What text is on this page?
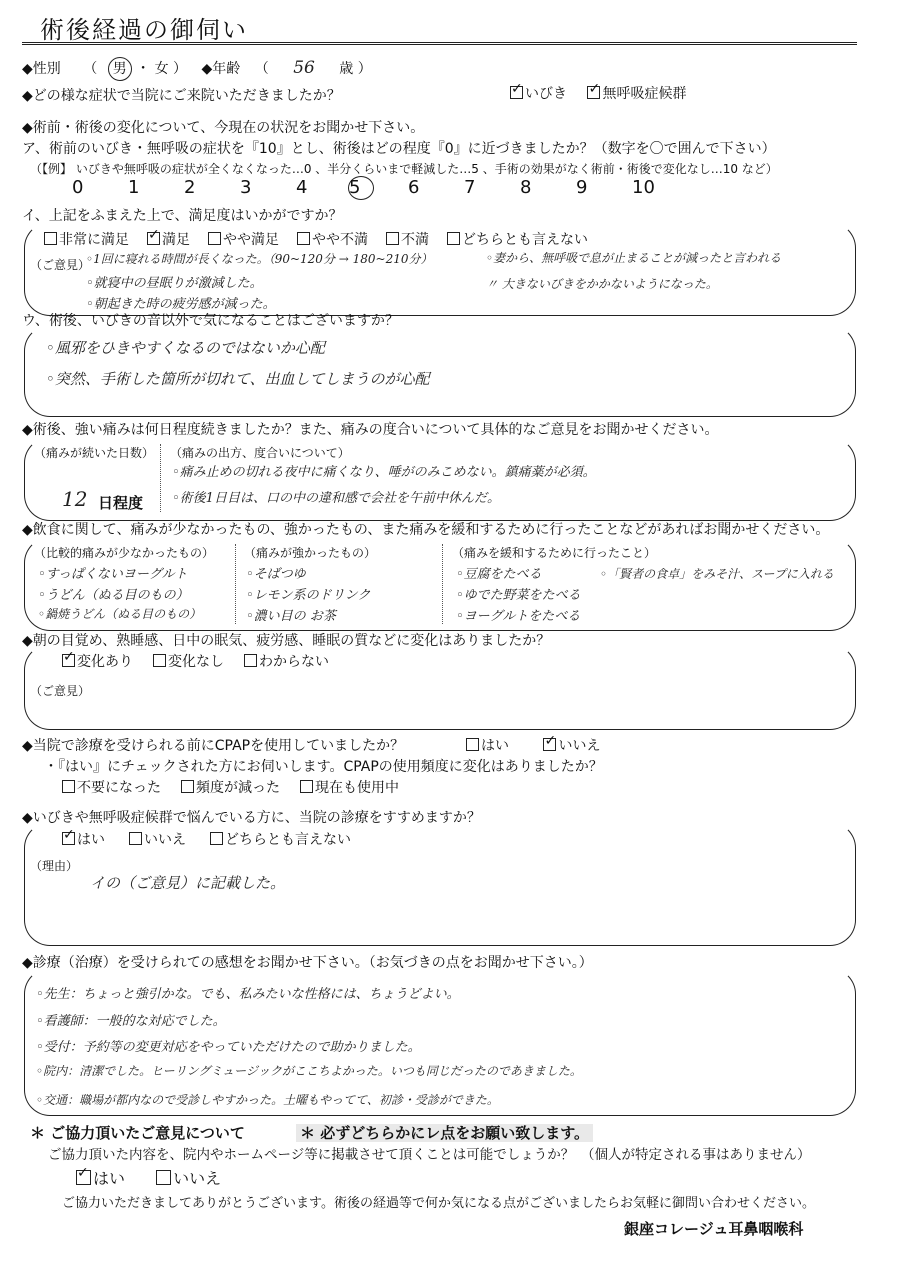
術後経過の御伺い
◆性別 （ 男 ・ 女 ） ◆年齢 （ 56 歳 ）
◆どの様な症状で当院にご来院いただきましたか？ ✓	いびき ✓	無呼吸症候群
◆術前・術後の変化について、今現在の状況をお聞かせ下さい。
ア、術前のいびき・無呼吸の症状を『10』とし、術後はどの程度『0』に近づきましたか？（数字を〇で囲んで下さい）
（【例】 いびきや無呼吸の症状が全くなくなった…0 、半分くらいまで軽減した…5 、手術の効果がなく術前・術後で変化なし…10 など）
0 1 2 3 4 5	6 7 8 9 10
イ、上記をふまえた上で、満足度はいかがですか？
非常に満足 ✓ 満足 やや満足 やや不満 不満 どちらとも言えない
（ご意見）
◦1回に寝れる時間が長くなった。（90~120分 → 180~210分）
◦就寝中の昼眠りが激減した。
◦朝起きた時の疲労感が減った。
◦妻から、無呼吸で息が止まることが減ったと言われる
〃 大きないびきをかかないようになった。
ウ、術後、いびきの音以外で気になることはございますか？
◦風邪をひきやすくなるのではないか心配
◦突然、手術した箇所が切れて、出血してしまうのが心配
◆術後、強い痛みは何日程度続きましたか？また、痛みの度合いについて具体的なご意見をお聞かせください。
（痛みが続いた日数）
12 日程度
（痛みの出方、度合いについて）
◦痛み止めの切れる夜中に痛くなり、唾がのみこめない。鎮痛薬が必須。
◦術後1日目は、口の中の違和感で会社を午前中休んだ。
◆飲食に関して、痛みが少なかったもの、強かったもの、また痛みを緩和するために行ったことなどがあればお聞かせください。
（比較的痛みが少なかったもの）
◦すっぱくないヨーグルト
◦うどん（ぬる目のもの）
◦鍋焼うどん（ぬる目のもの）
（痛みが強かったもの）
◦そばつゆ
◦レモン系のドリンク
◦濃い目の お茶
（痛みを緩和するために行ったこと）
◦豆腐をたべる
◦ゆでた野菜をたべる
◦ヨーグルトをたべる
◦「賢者の食卓」をみそ汁、スープに入れる
◆朝の目覚め、熟睡感、日中の眠気、疲労感、睡眠の質などに変化はありましたか？
✓変化あり	変化なし	わからない
（ご意見）
◆当院で診療を受けられる前にCPAPを使用していましたか？	はい ✓	いいえ
・『はい』にチェックされた方にお伺いします。CPAPの使用頻度に変化はありましたか？
不要になった	頻度が減った	現在も使用中
◆いびきや無呼吸症候群で悩んでいる方に、当院の診療をすすめますか？
✓はい	いいえ	どちらとも言えない
（理由）
イの（ご意見）に記載した。
◆診療（治療）を受けられての感想をお聞かせ下さい。（お気づきの点をお聞かせ下さい。）
◦先生：ちょっと強引かな。でも、私みたいな性格には、ちょうどよい。
◦看護師：一般的な対応でした。
◦受付：予約等の変更対応をやっていただけたので助かりました。
◦院内：清潔でした。ヒーリングミュージックがここちよかった。いつも同じだったのであきました。
◦交通：職場が都内なので受診しやすかった。土曜もやってて、初診・受診ができた。
＊ ご協力頂いたご意見について	＊ 必ずどちらかにレ点をお願い致します。
ご協力頂いた内容を、院内やホームページ等に掲載させて頂くことは可能でしょうか？　（個人が特定される事はありません）
✓はい	いいえ
ご協力いただきましてありがとうございます。術後の経過等で何か気になる点がございましたらお気軽に御問い合わせください。
銀座コレージュ耳鼻咽喉科
